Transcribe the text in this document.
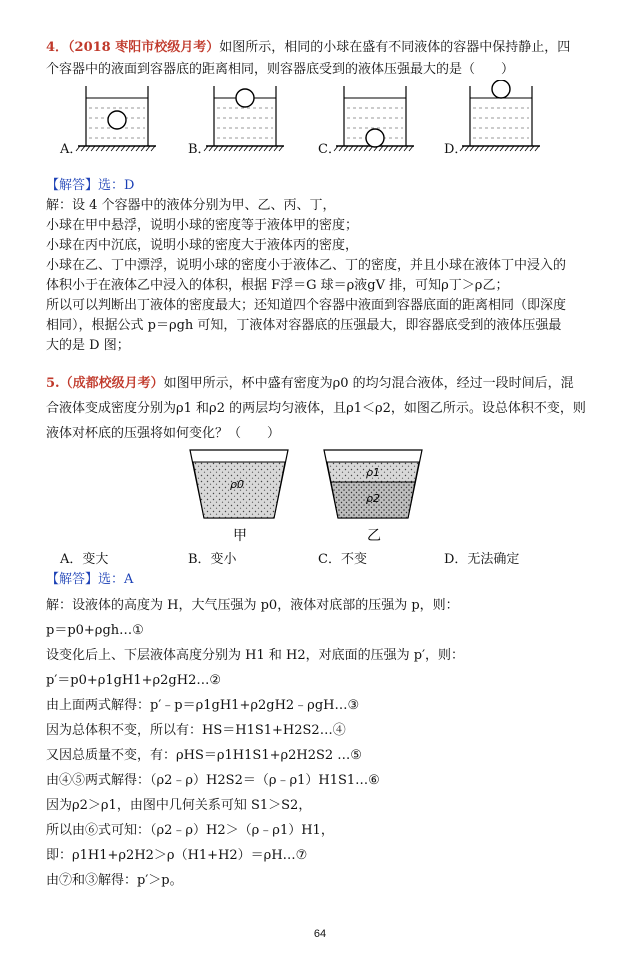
4．（2018 枣阳市校级月考）如图所示，相同的小球在盛有不同液体的容器中保持静止，四
个容器中的液面到容器底的距离相同，则容器底受到的液体压强最大的是（　　）
A．	B．	C．	D．
【解答】选：D
解：设 4 个容器中的液体分别为甲、乙、丙、丁，
小球在甲中悬浮，说明小球的密度等于液体甲的密度；
小球在丙中沉底，说明小球的密度大于液体丙的密度，
小球在乙、丁中漂浮，说明小球的密度小于液体乙、丁的密度，并且小球在液体丁中浸入的
体积小于在液体乙中浸入的体积，根据 F浮＝G 球＝ρ液gV 排，可知ρ丁＞ρ乙；
所以可以判断出丁液体的密度最大；还知道四个容器中液面到容器底面的距离相同（即深度
相同），根据公式 p＝ρgh 可知，丁液体对容器底的压强最大，即容器底受到的液体压强最
大的是 D 图；
5.（成都校级月考）如图甲所示，杯中盛有密度为ρ0 的均匀混合液体，经过一段时间后，混
合液体变成密度分别为ρ1 和ρ2 的两层均匀液体，且ρ1＜ρ2，如图乙所示。设总体积不变，则
液体对杯底的压强将如何变化？（　　）
ρ0
甲
ρ1
ρ2
乙
A．变大	B．变小	C．不变	D．无法确定
【解答】选：A
解：设液体的高度为 H，大气压强为 p0，液体对底部的压强为 p，则：
p＝p0+ρgh…①
设变化后上、下层液体高度分别为 H1 和 H2，对底面的压强为 p′，则：
p′＝p0+ρ1gH1+ρ2gH2…②
由上面两式解得：p′﹣p＝ρ1gH1+ρ2gH2﹣ρgH…③
因为总体积不变，所以有：HS＝H1S1+H2S2…④
又因总质量不变，有：ρHS＝ρ1H1S1+ρ2H2S2 …⑤
由④⑤两式解得：（ρ2﹣ρ）H2S2＝（ρ﹣ρ1）H1S1…⑥
因为ρ2＞ρ1，由图中几何关系可知 S1＞S2，
所以由⑥式可知：（ρ2﹣ρ）H2＞（ρ﹣ρ1）H1，
即：ρ1H1+ρ2H2＞ρ（H1+H2）＝ρH…⑦
由⑦和③解得：p′＞p。
64
